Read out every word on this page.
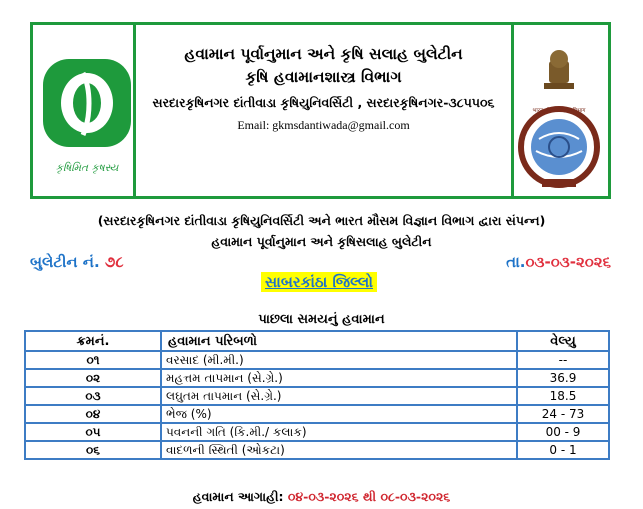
કૃષિમિત કૃષસ્ય
હવામાન પૂર્વાનુમાન અને કૃષિ સલાહ બુલેટીન
કૃષિ હવામાનશાસ્ત્ર વિભાગ
સરદારકૃષિનગર દાંતીવાડા કૃષિયુનિવર્સિટી , સરદારકૃષિનગર-૩૮૫૫૦૬
Email: gkmsdantiwada@gmail.com
भारत मौसम विज्ञान विभाग
(સરદારકૃષિનગર દાંતીવાડા કૃષિયુનિવર્સિટી અને ભારત મૌસમ વિજ્ઞાન વિભાગ દ્વારા સંપન્ન)
હવામાન પૂર્વાનુમાન અને કૃષિસલાહ બુલેટીન
બુલેટીન નં. ૭૮	તા.૦૩-૦૩-૨૦૨૬
સાબરકાંઠા જિલ્લો
પાછલા સમયનું હવામાન
ક્રમનં.	હવામાન પરિબળો	વેલ્યુ
૦૧	વરસાદ (મી.મી.)	--
૦૨	મહત્તમ તાપમાન (સે.ગ્રે.)	36.9
૦૩	લઘુતમ તાપમાન (સે.ગ્રે.)	18.5
૦૪	ભેજ (%)	24 - 73
૦૫	પવનની ગતિ (કિ.મી./ કલાક)	00 - 9
૦૬	વાદળની સ્થિતી (ઓકટા)	0 - 1
હવામાન આગાહી: ૦૪-૦૩-૨૦૨૬ થી ૦૮-૦૩-૨૦૨૬
